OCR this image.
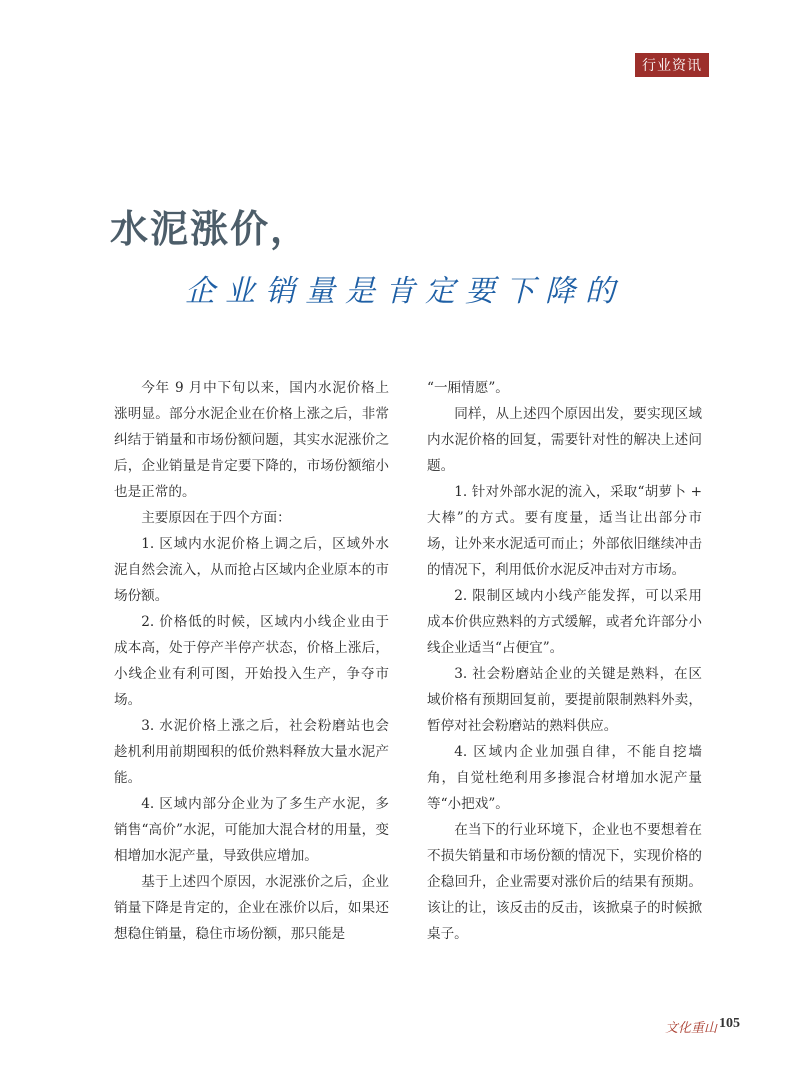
行业资讯
水泥涨价，
企业销量是肯定要下降的

今年 9 月中下旬以来，国内水泥价格上涨明显。部分水泥企业在价格上涨之后，非常纠结于销量和市场份额问题，其实水泥涨价之后，企业销量是肯定要下降的，市场份额缩小也是正常的。

主要原因在于四个方面：

1. 区域内水泥价格上调之后，区域外水泥自然会流入，从而抢占区域内企业原本的市场份额。

2. 价格低的时候，区域内小线企业由于成本高，处于停产半停产状态，价格上涨后，小线企业有利可图，开始投入生产，争夺市场。

3. 水泥价格上涨之后，社会粉磨站也会趁机利用前期囤积的低价熟料释放大量水泥产能。

4. 区域内部分企业为了多生产水泥，多销售“高价”水泥，可能加大混合材的用量，变相增加水泥产量，导致供应增加。

基于上述四个原因，水泥涨价之后，企业销量下降是肯定的，企业在涨价以后，如果还想稳住销量，稳住市场份额，那只能是

“一厢情愿”。

同样，从上述四个原因出发，要实现区域内水泥价格的回复，需要针对性的解决上述问题。

1. 针对外部水泥的流入，采取“胡萝卜 + 大棒”的方式。要有度量，适当让出部分市场，让外来水泥适可而止；外部依旧继续冲击的情况下，利用低价水泥反冲击对方市场。

2. 限制区域内小线产能发挥，可以采用成本价供应熟料的方式缓解，或者允许部分小线企业适当“占便宜”。

3. 社会粉磨站企业的关键是熟料，在区域价格有预期回复前，要提前限制熟料外卖，暂停对社会粉磨站的熟料供应。

4. 区域内企业加强自律，不能自挖墙角，自觉杜绝利用多掺混合材增加水泥产量等“小把戏”。

在当下的行业环境下，企业也不要想着在不损失销量和市场份额的情况下，实现价格的企稳回升，企业需要对涨价后的结果有预期。该让的让，该反击的反击，该掀桌子的时候掀桌子。

文化重山 105
